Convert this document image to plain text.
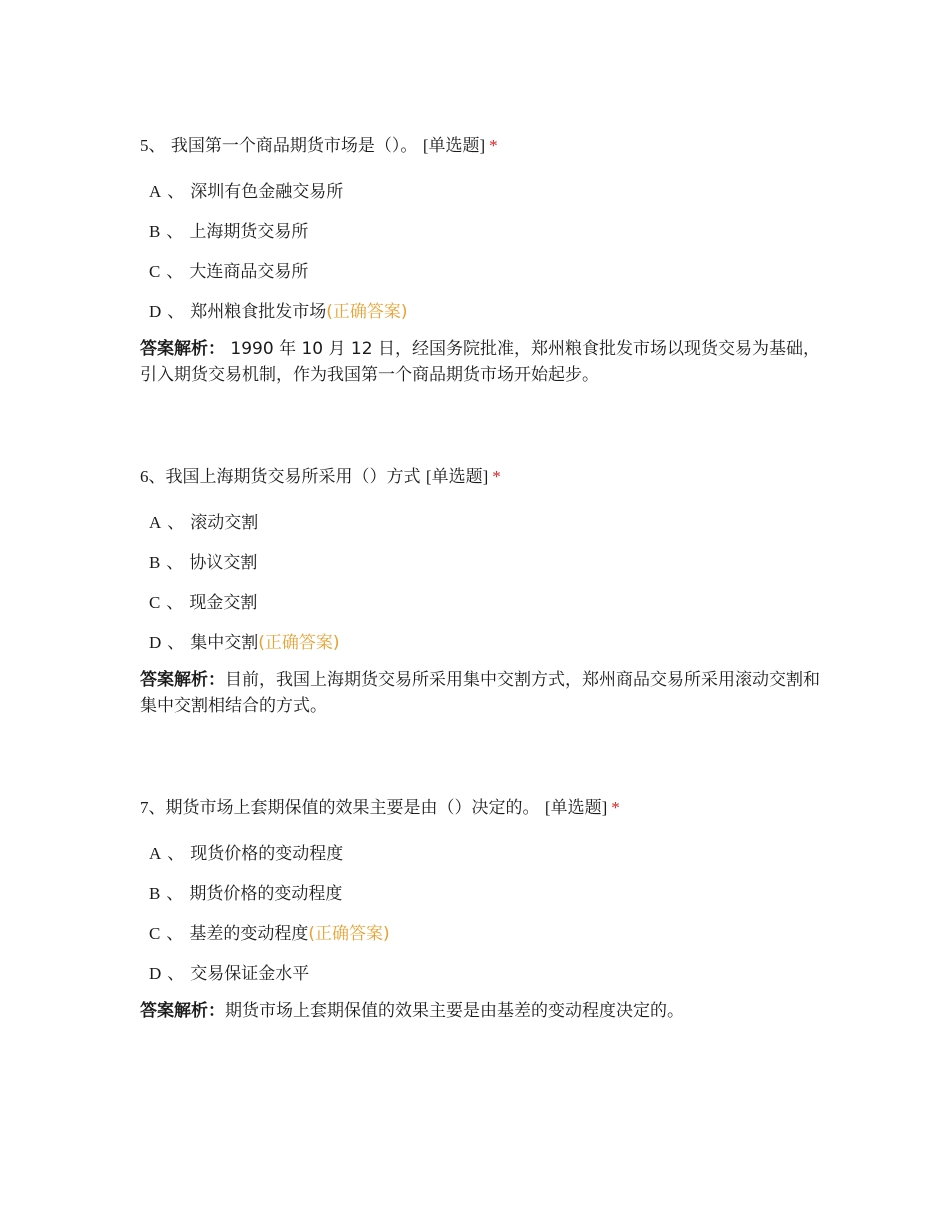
5、 我国第一个商品期货市场是（）。 [单选题] *
A 、 深圳有色金融交易所
B 、 上海期货交易所
C 、 大连商品交易所
D 、 郑州粮食批发市场(正确答案)
答案解析： 1990 年 10 月 12 日，经国务院批准，郑州粮食批发市场以现货交易为基础，引入期货交易机制，作为我国第一个商品期货市场开始起步。
6、我国上海期货交易所采用（）方式 [单选题] *
A 、 滚动交割
B 、 协议交割
C 、 现金交割
D 、 集中交割(正确答案)
答案解析：目前，我国上海期货交易所采用集中交割方式，郑州商品交易所采用滚动交割和集中交割相结合的方式。
7、期货市场上套期保值的效果主要是由（）决定的。 [单选题] *
A 、 现货价格的变动程度
B 、 期货价格的变动程度
C 、 基差的变动程度(正确答案)
D 、 交易保证金水平
答案解析：期货市场上套期保值的效果主要是由基差的变动程度决定的。
